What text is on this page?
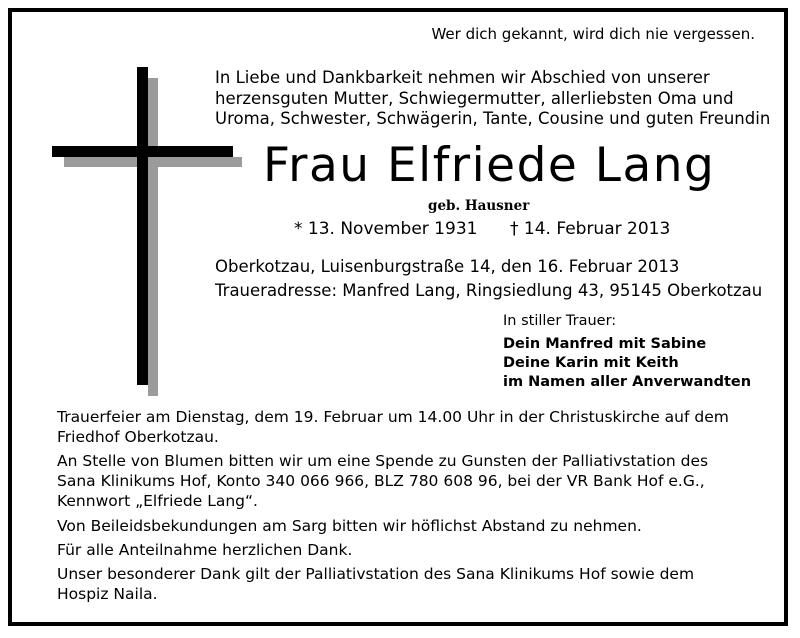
Wer dich gekannt, wird dich nie vergessen.
In Liebe und Dankbarkeit nehmen wir Abschied von unserer
herzensguten Mutter, Schwiegermutter, allerliebsten Oma und
Uroma, Schwester, Schwägerin, Tante, Cousine und guten Freundin
Frau Elfriede Lang
geb. Hausner
* 13. November 1931 † 14. Februar 2013
Oberkotzau, Luisenburgstraße 14, den 16. Februar 2013
Traueradresse: Manfred Lang, Ringsiedlung 43, 95145 Oberkotzau
In stiller Trauer:
Dein Manfred mit Sabine
Deine Karin mit Keith
im Namen aller Anverwandten
Trauerfeier am Dienstag, dem 19. Februar um 14.00 Uhr in der Christuskirche auf dem
Friedhof Oberkotzau.
An Stelle von Blumen bitten wir um eine Spende zu Gunsten der Palliativstation des
Sana Klinikums Hof, Konto 340 066 966, BLZ 780 608 96, bei der VR Bank Hof e.G.,
Kennwort „Elfriede Lang“.
Von Beileidsbekundungen am Sarg bitten wir höflichst Abstand zu nehmen.
Für alle Anteilnahme herzlichen Dank.
Unser besonderer Dank gilt der Palliativstation des Sana Klinikums Hof sowie dem
Hospiz Naila.
